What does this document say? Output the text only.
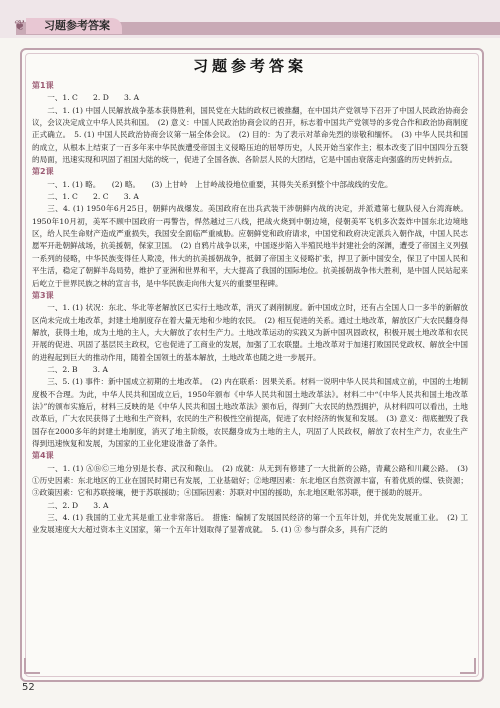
❦	习题参考答案
习题参考答案

第1课

一、1. C　　2. D　　3. A

二、1. (1) 中国人民解放战争基本获得胜利，国民党在大陆的政权已被推翻，在中国共产党领导下召开了中国人民政治协商会议，会议决定成立中华人民共和国。　(2) 意义：中国人民政治协商会议的召开，标志着中国共产党领导的多党合作和政治协商制度正式确立。　5. (1) 中国人民政治协商会议第一届全体会议。　(2) 目的：为了表示对革命先烈的崇敬和缅怀。　(3) 中华人民共和国的成立，从根本上结束了一百多年来中华民族遭受帝国主义侵略压迫的屈辱历史，人民开始当家作主；根本改变了旧中国四分五裂的局面，迅速实现和巩固了祖国大陆的统一，促进了全国各族、各阶层人民的大团结，它是中国由衰落走向强盛的历史转折点。

第2课

一、1. (1) 略。　　(2) 略。　　(3) 上甘岭　上甘岭战役地位重要，其得失关系到整个中部战线的安危。

二、1. C　　2. C　　3. A

三、4. (1) 1950年6月25日，朝鲜内战爆发。美国政府在出兵武装干涉朝鲜内战的决定，并派遣第七舰队侵入台湾海峡。1950年10月初，美军不顾中国政府一再警告，悍然越过三八线，把战火烧到中朝边境，侵朝美军飞机多次轰炸中国东北边境地区，给人民生命财产造成严重损失，我国安全面临严重威胁。应朝鲜党和政府请求，中国党和政府决定派兵入朝作战，中国人民志愿军开赴朝鲜战场，抗美援朝，保家卫国。　(2) 自鸦片战争以来，中国逐步陷入半殖民地半封建社会的深渊，遭受了帝国主义列强一系列的侵略，中华民族变得任人欺凌，伟大的抗美援朝战争，抵御了帝国主义侵略扩张，捍卫了新中国安全，保卫了中国人民和平生活，稳定了朝鲜半岛局势，维护了亚洲和世界和平，大大提高了我国的国际地位。抗美援朝战争伟大胜利，是中国人民站起来后屹立于世界民族之林的宣言书，是中华民族走向伟大复兴的重要里程碑。

第3课

一、1. (1) 状况：东北、华北等老解放区已实行土地改革，消灭了剥削制度。新中国成立时，还有占全国人口一多半的新解放区尚未完成土地改革，封建土地制度存在着大量无地和少地的农民。　(2) 相互促进的关系。通过土地改革，解放区广大农民翻身得解放，获得土地，成为土地的主人，大大解放了农村生产力。土地改革运动的实践又为新中国巩固政权，积极开展土地改革和农民开展的促进、巩固了基层民主政权，它也促进了工商业的发展，加强了工农联盟。土地改革对于加速打败国民党政权、解放全中国的进程起到巨大的推动作用，随着全国领土的基本解放，土地改革也随之进一步展开。

二、2. B　　3. A

三、5. (1) 事件：新中国成立初期的土地改革。　(2) 内在联系：因果关系。材料一说明中华人民共和国成立前，中国的土地制度极不合理。为此，中华人民共和国成立后，1950年颁布《中华人民共和国土地改革法》。材料二中“《中华人民共和国土地改革法》”的颁布实施后，材料三反映的是《中华人民共和国土地改革法》颁布后，得到广大农民的热烈拥护，从材料四可以看出，土地改革后，广大农民获得了土地和生产资料，农民的生产积极性空前提高，促进了农村经济的恢复和发展。　(3) 意义：彻底摧毁了我国存在2000多年的封建土地制度，消灭了地主阶级，农民翻身成为土地的主人，巩固了人民政权，解放了农村生产力，农业生产得到迅速恢复和发展，为国家的工业化建设准备了条件。

第4课

一、1. (1) ⒶⒷⒸ三地分别是长春、武汉和鞍山。　(2) 成就：从无到有修建了一大批新的公路，青藏公路和川藏公路。　(3) ①历史因素：东北地区的工业在国民时期已有发展，工业基础好；②地理因素：东北地区自然资源丰富，有着优质的煤、铁资源；③政策因素：它和苏联接壤，便于苏联援助；④国际因素：苏联对中国的援助，东北地区毗邻苏联，便于援助的展开。

二、2. D　　3. A

三、4. (1) 我国的工业尤其是重工业非常落后。　措施：编制了发展国民经济的第一个五年计划，并优先发展重工业。　(2) 工业发展速度大大超过资本主义国家，第一个五年计划取得了显著成就。　5. (1) ③ 参与群众多，具有广泛的

52
